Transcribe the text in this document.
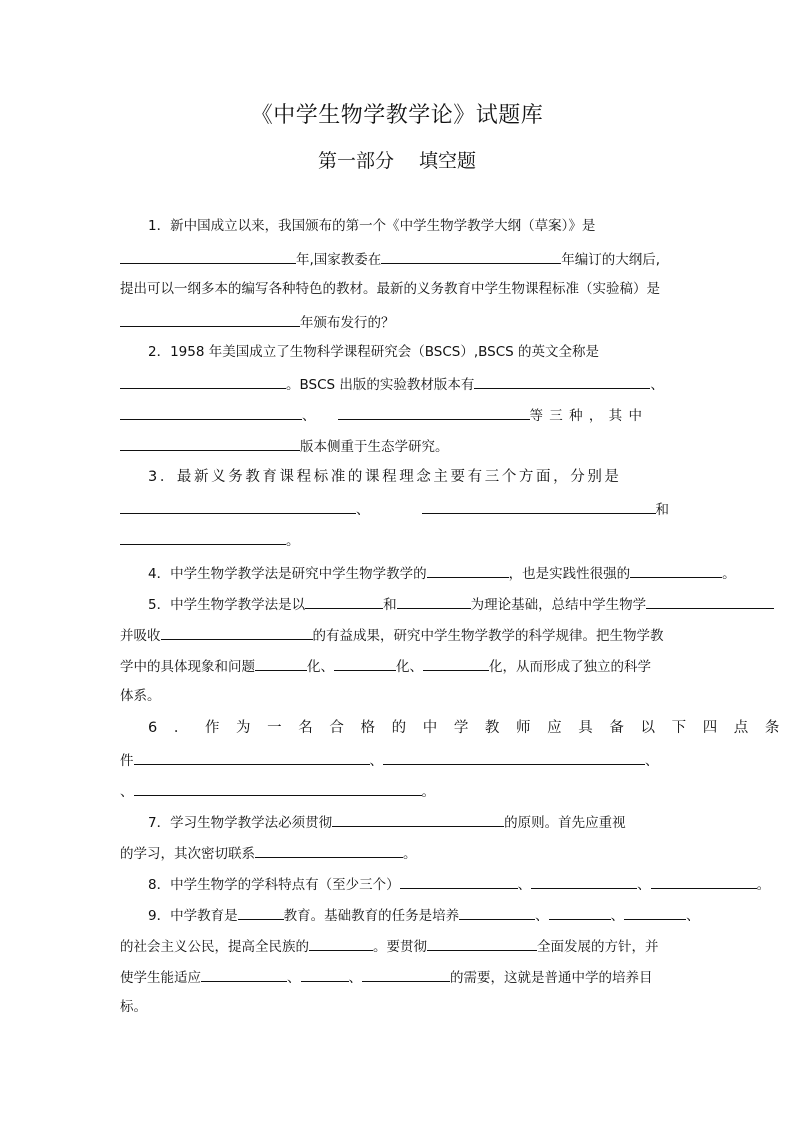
《中学生物学教学论》试题库
第一部分　 填空题
1．新中国成立以来，我国颁布的第一个《中学生物学教学大纲（草案）》是
年,国家教委在	年编订的大纲后,
提出可以一纲多本的编写各种特色的教材。最新的义务教育中学生物课程标准（实验稿）是
年颁布发行的？
2．1958 年美国成立了生物科学课程研究会（BSCS）,BSCS 的英文全称是
。BSCS 出版的实验教材版本有	、
、	等 三 种 ， 其 中
版本侧重于生态学研究。
3．最新义务教育课程标准的课程理念主要有三个方面，分别是
、	和
。
4．中学生物学教学法是研究中学生物学教学的	，也是实践性很强的	。
5．中学生物学教学法是以	和	为理论基础，总结中学生物学
并吸收	的有益成果，研究中学生物学教学的科学规律。把生物学教
学中的具体现象和问题	化、	化、	化，从而形成了独立的科学
体系。
6 ． 作 为 一 名 合 格 的 中 学 教 师 应 具 备 以 下 四 点 条
件	、	、
、	。
7．学习生物学教学法必须贯彻	的原则。首先应重视
的学习，其次密切联系	。
8．中学生物学的学科特点有（至少三个）	、	、	。
9．中学教育是	教育。基础教育的任务是培养	、	、	、
的社会主义公民，提高全民族的	。要贯彻	全面发展的方针，并
使学生能适应	、	、	的需要，这就是普通中学的培养目
标。
